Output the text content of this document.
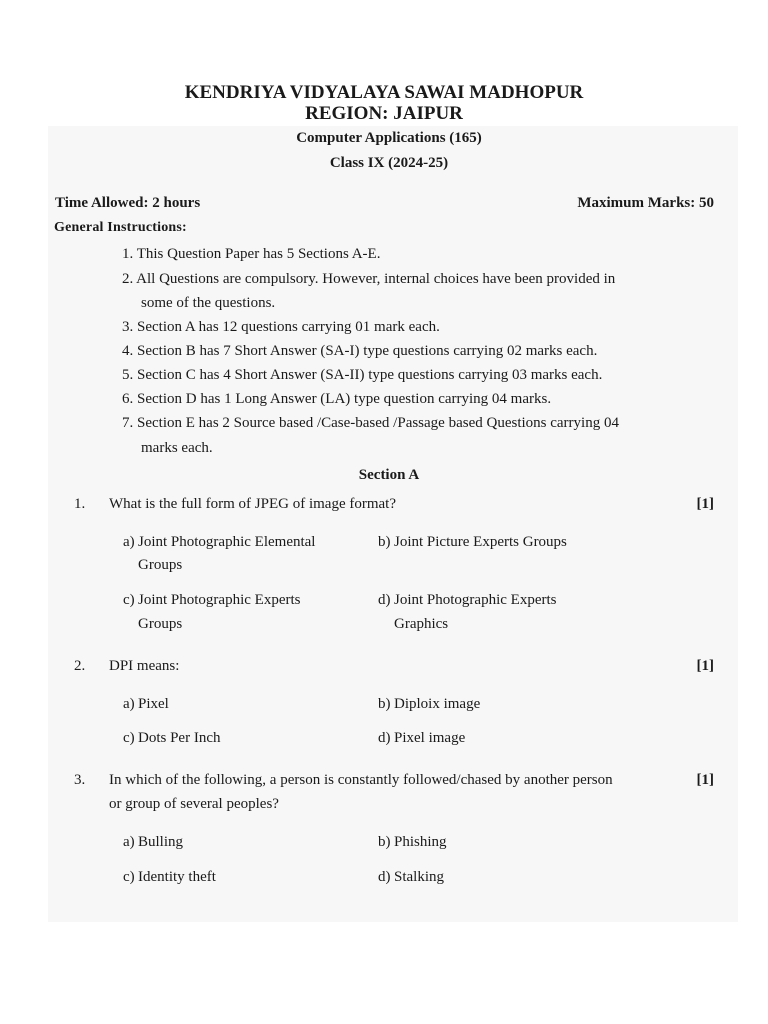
KENDRIYA VIDYALAYA SAWAI MADHOPUR
REGION: JAIPUR
Computer Applications (165)
Class IX (2024-25)
Time Allowed: 2 hours	Maximum Marks: 50
General Instructions:
1. This Question Paper has 5 Sections A-E.
2. All Questions are compulsory. However, internal choices have been provided in
some of the questions.
3. Section A has 12 questions carrying 01 mark each.
4. Section B has 7 Short Answer (SA-I) type questions carrying 02 marks each.
5. Section C has 4 Short Answer (SA-II) type questions carrying 03 marks each.
6. Section D has 1 Long Answer (LA) type question carrying 04 marks.
7. Section E has 2 Source based /Case-based /Passage based Questions carrying 04
marks each.
Section A
1. What is the full form of JPEG of image format?	[1]
a) Joint Photographic Elemental
Groups
b) Joint Picture Experts Groups
c) Joint Photographic Experts
Groups
d) Joint Photographic Experts
Graphics
2. DPI means:	[1]
a) Pixel	b) Diploix image
c) Dots Per Inch	d) Pixel image
3. In which of the following, a person is constantly followed/chased by another person
or group of several peoples?
[1]
a) Bulling	b) Phishing
c) Identity theft	d) Stalking
